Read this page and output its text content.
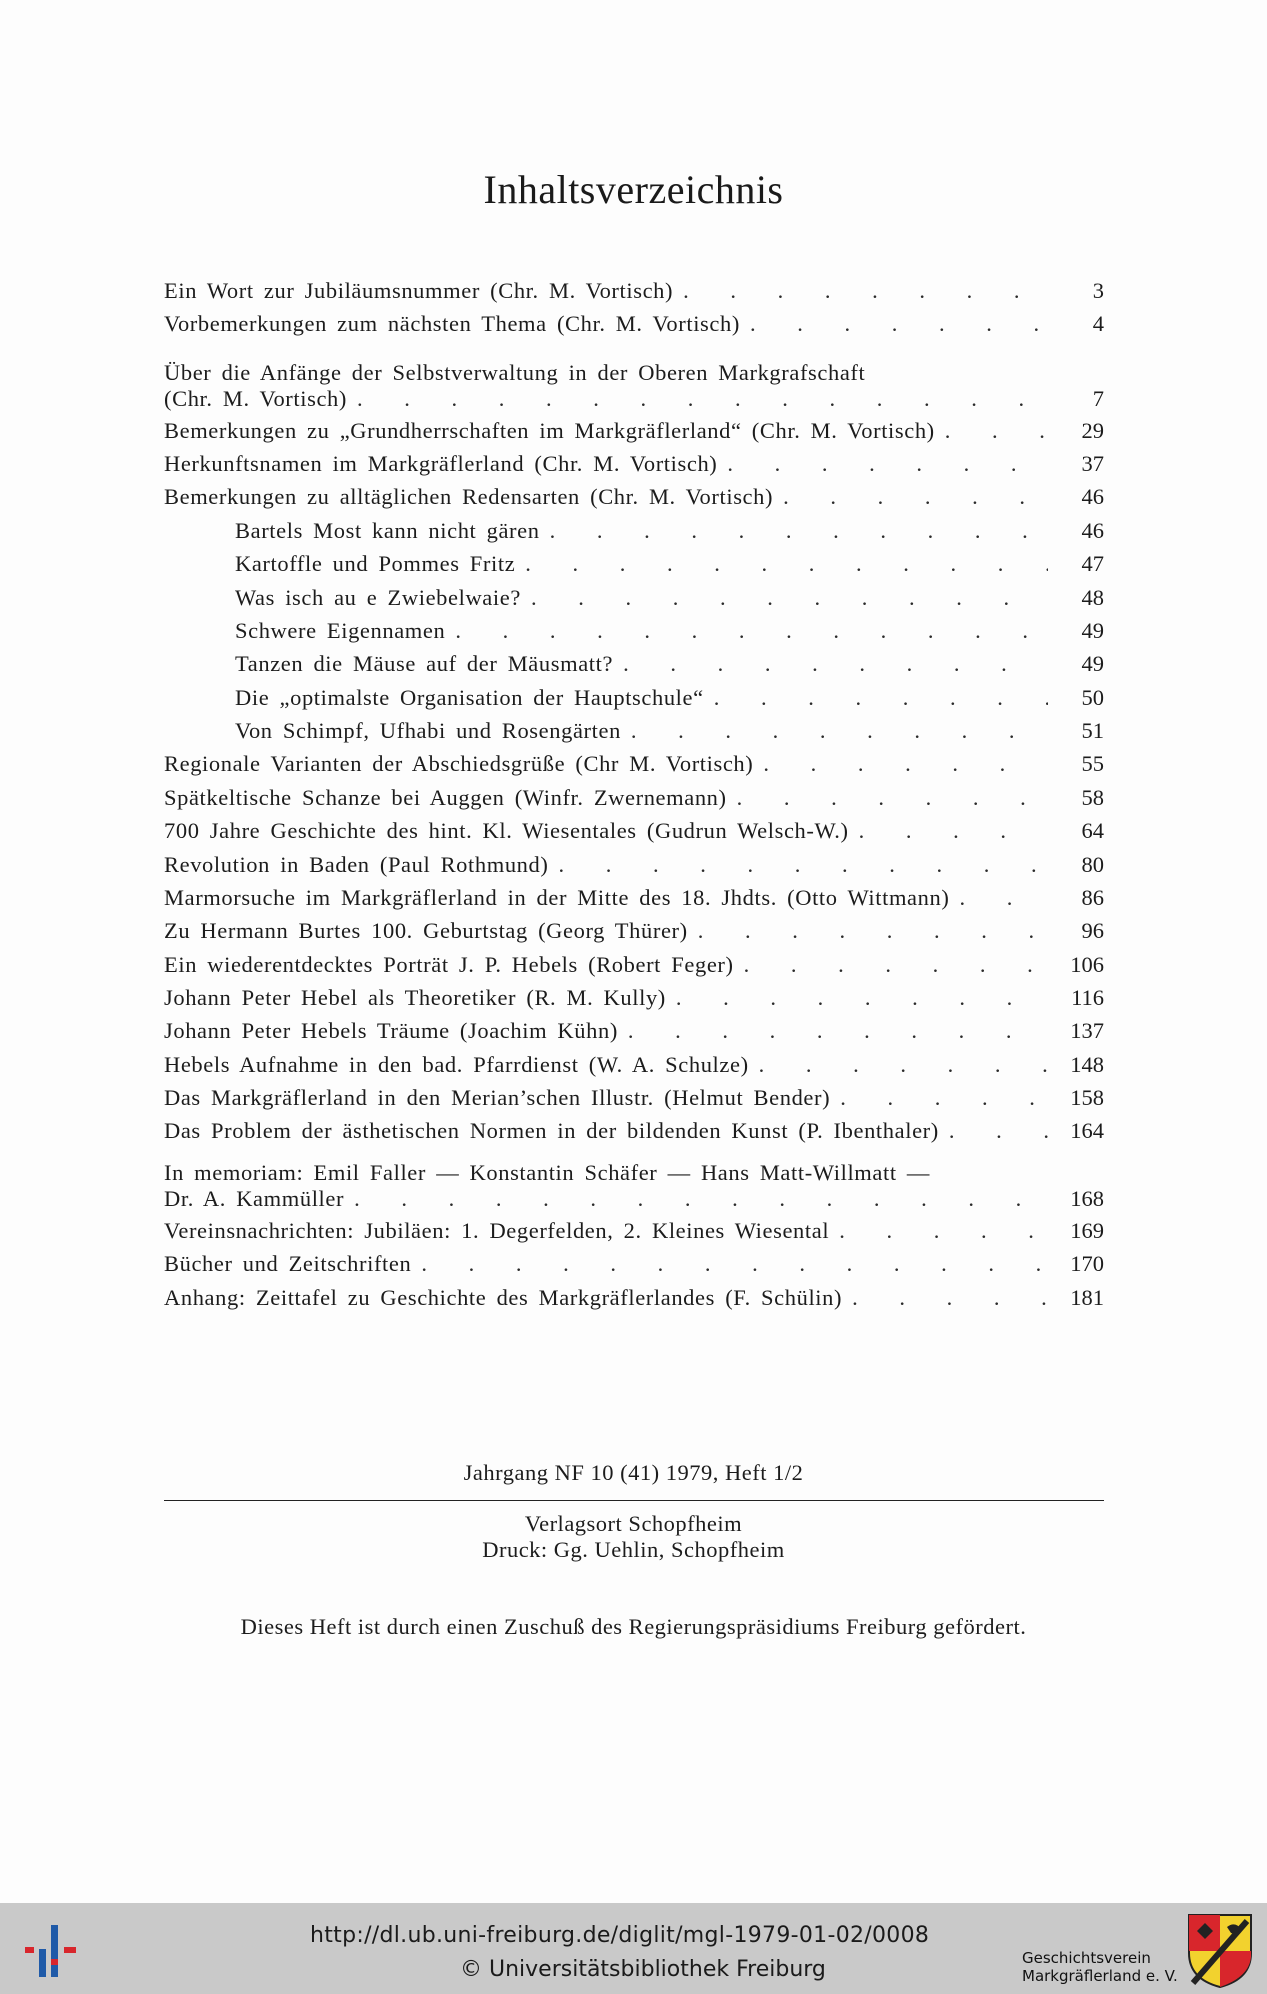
Inhaltsverzeichnis
Ein Wort zur Jubiläumsnummer (Chr. M. Vortisch) . . .	3
Vorbemerkungen zum nächsten Thema (Chr. M. Vortisch) . . .	4
Über die Anfänge der Selbstverwaltung in der Oberen Markgrafschaft
(Chr. M. Vortisch) . . .	7
Bemerkungen zu „Grundherrschaften im Markgräflerland“ (Chr. M. Vortisch) . . .	29
Herkunftsnamen im Markgräflerland (Chr. M. Vortisch) . . .	37
Bemerkungen zu alltäglichen Redensarten (Chr. M. Vortisch) . . .	46
Bartels Most kann nicht gären . . .	46
Kartoffle und Pommes Fritz . . .	47
Was isch au e Zwiebelwaie? . . .	48
Schwere Eigennamen . . .	49
Tanzen die Mäuse auf der Mäusmatt? . . .	49
Die „optimalste Organisation der Hauptschule“ . . .	50
Von Schimpf, Ufhabi und Rosengärten . . .	51
Regionale Varianten der Abschiedsgrüße (Chr M. Vortisch) . . .	55
Spätkeltische Schanze bei Auggen (Winfr. Zwernemann) . . .	58
700 Jahre Geschichte des hint. Kl. Wiesentales (Gudrun Welsch-W.) . . .	64
Revolution in Baden (Paul Rothmund) . . .	80
Marmorsuche im Markgräflerland in der Mitte des 18. Jhdts. (Otto Wittmann) . . .	86
Zu Hermann Burtes 100. Geburtstag (Georg Thürer) . . .	96
Ein wiederentdecktes Porträt J. P. Hebels (Robert Feger) . . .	106
Johann Peter Hebel als Theoretiker (R. M. Kully) . . .	116
Johann Peter Hebels Träume (Joachim Kühn) . . .	137
Hebels Aufnahme in den bad. Pfarrdienst (W. A. Schulze) . . .	148
Das Markgräflerland in den Merian’schen Illustr. (Helmut Bender) . . .	158
Das Problem der ästhetischen Normen in der bildenden Kunst (P. Ibenthaler) . . .	164
In memoriam: Emil Faller — Konstantin Schäfer — Hans Matt-Willmatt —
Dr. A. Kammüller . . .	168
Vereinsnachrichten: Jubiläen: 1. Degerfelden, 2. Kleines Wiesental . . .	169
Bücher und Zeitschriften . . .	170
Anhang: Zeittafel zu Geschichte des Markgräflerlandes (F. Schülin) . . .	181
Jahrgang NF 10 (41) 1979, Heft 1/2
Verlagsort Schopfheim
Druck: Gg. Uehlin, Schopfheim
Dieses Heft ist durch einen Zuschuß des Regierungspräsidiums Freiburg gefördert.
http://dl.ub.uni-freiburg.de/diglit/mgl-1979-01-02/0008
© Universitätsbibliothek Freiburg	Geschichtsverein
Markgräflerland e. V.
